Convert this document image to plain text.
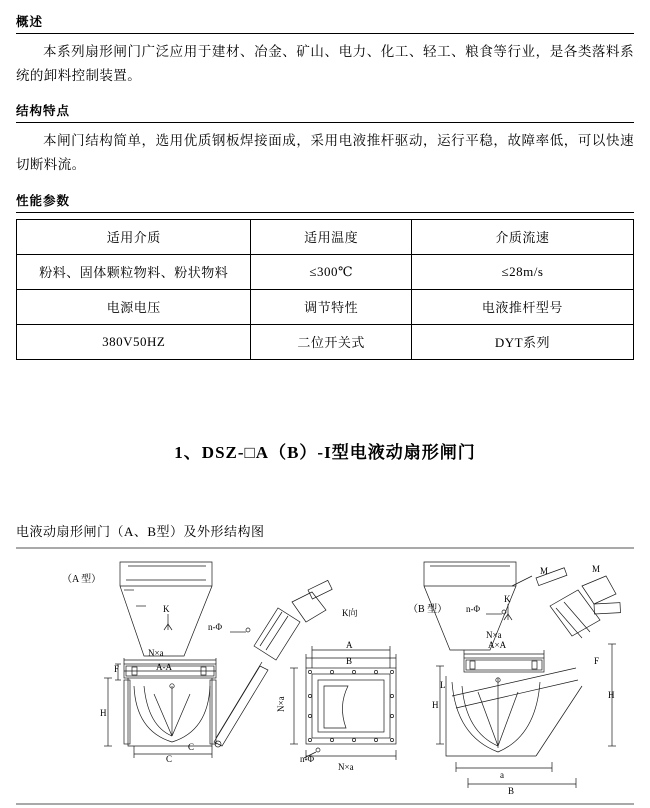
概述
本系列扇形闸门广泛应用于建材、冶金、矿山、电力、化工、轻工、粮食等行业，是各类落料系统的卸料控制装置。
结构特点
本闸门结构简单，选用优质钢板焊接面成，采用电液推杆驱动，运行平稳，故障率低，可以快速切断料流。
性能参数
适用介质	适用温度	介质流速
粉料、固体颗粒物料、粉状物料	≤300℃	≤28m/s
电源电压	调节特性	电液推杆型号
380V50HZ	二位开关式	DYT系列
1、DSZ-□A（B）-I型电液动扇形闸门
电液动扇形闸门（A、B型）及外形结构图
（A 型）
（B 型）
K	K向
n-Φ
n-Φ
n-Φ
N×a
A-A
A
B
N×a
N×a
H
F
C
H
H
F
a
B
K
M	M
N×a
A×A
L
C
